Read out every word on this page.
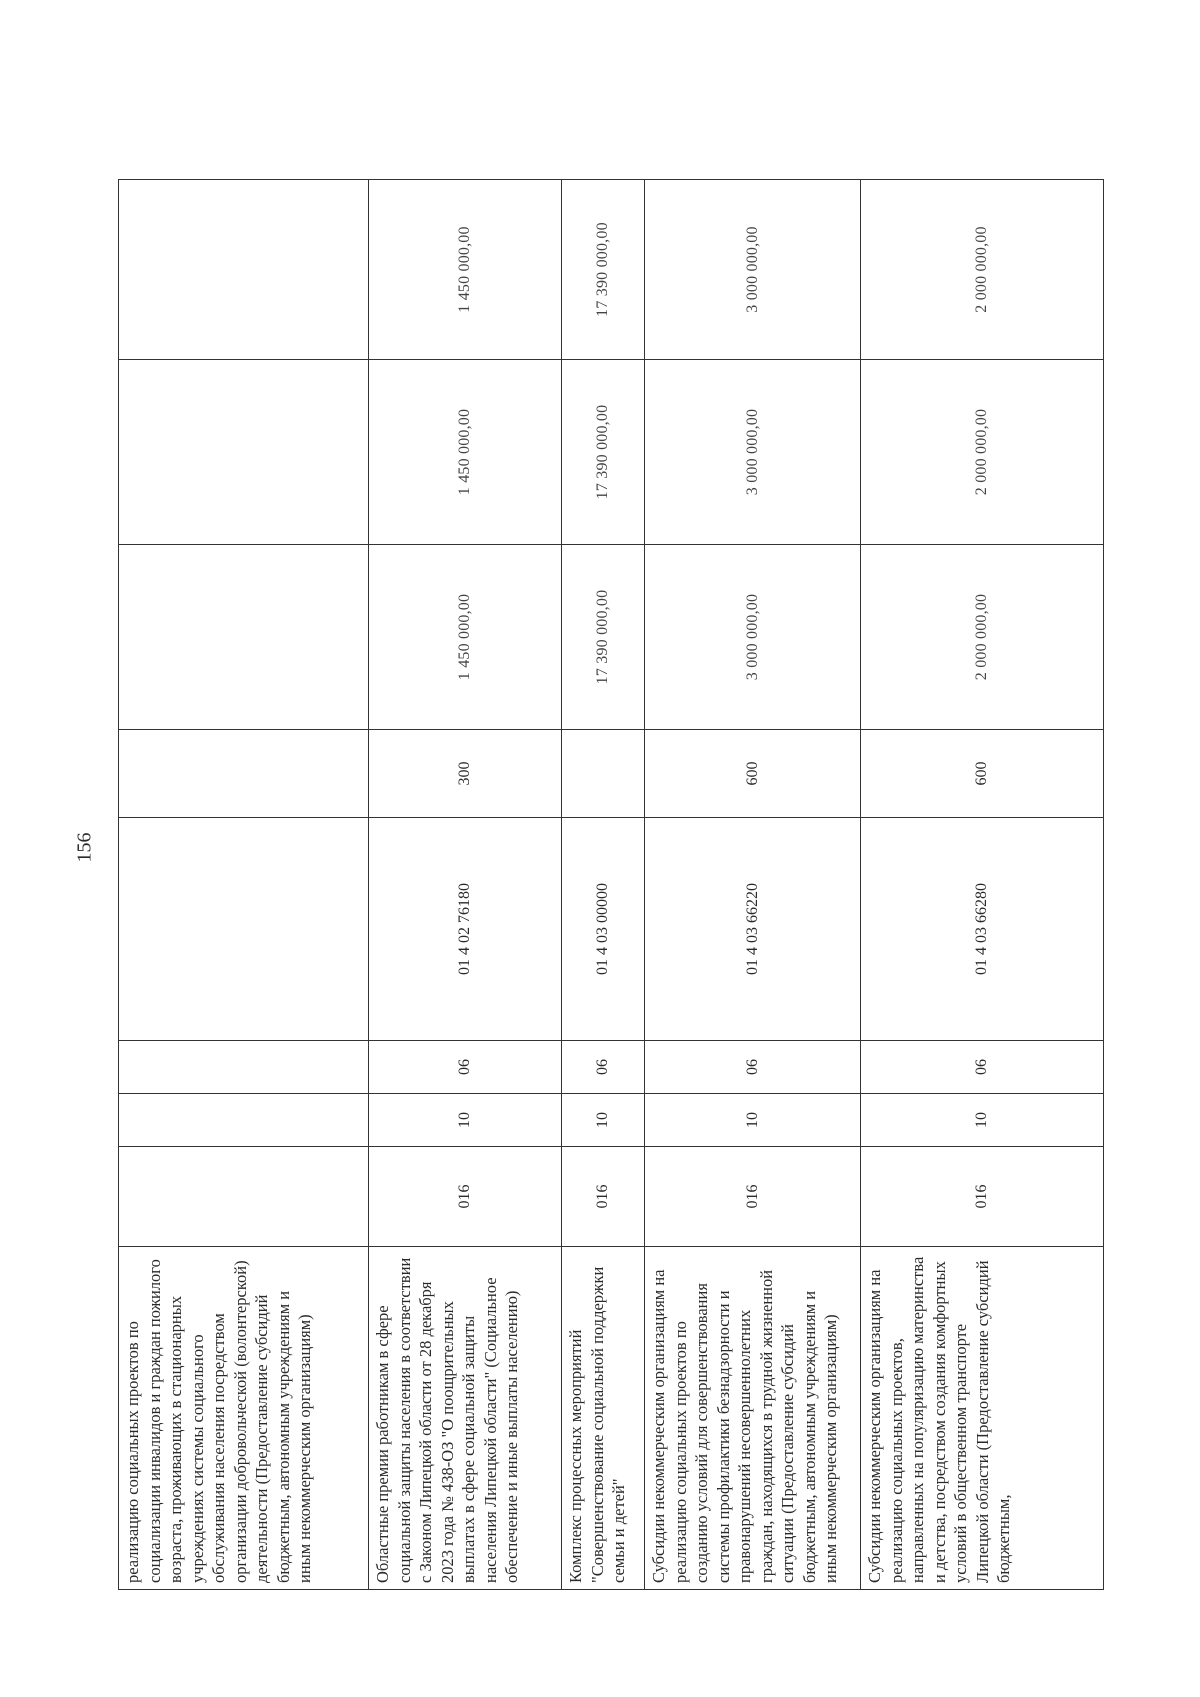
156
реализацию социальных проектов по социализации инвалидов и граждан пожилого возраста, проживающих в стационарных учреждениях системы социального обслуживания населения посредством организации добровольческой (волонтерской) деятельности (Предоставление субсидий бюджетным, автономным учреждениям и иным некоммерческим организациям)								
Областные премии работникам в сфере социальной защиты населения в соответствии с Законом Липецкой области от 28 декабря 2023 года № 438-ОЗ "О поощрительных выплатах в сфере социальной защиты населения Липецкой области" (Социальное обеспечение и иные выплаты населению)	016	10	06	01 4 02 76180	300	1 450 000,00	1 450 000,00	1 450 000,00
Комплекс процессных мероприятий "Совершенствование социальной поддержки семьи и детей"	016	10	06	01 4 03 00000		17 390 000,00	17 390 000,00	17 390 000,00
Субсидии некоммерческим организациям на реализацию социальных проектов по созданию условий для совершенствования системы профилактики безнадзорности и правонарушений несовершеннолетних граждан, находящихся в трудной жизненной ситуации (Предоставление субсидий бюджетным, автономным учреждениям и иным некоммерческим организациям)	016	10	06	01 4 03 66220	600	3 000 000,00	3 000 000,00	3 000 000,00
Субсидии некоммерческим организациям на реализацию социальных проектов, направленных на популяризацию материнства и детства, посредством создания комфортных условий в общественном транспорте Липецкой области (Предоставление субсидий бюджетным,	016	10	06	01 4 03 66280	600	2 000 000,00	2 000 000,00	2 000 000,00
